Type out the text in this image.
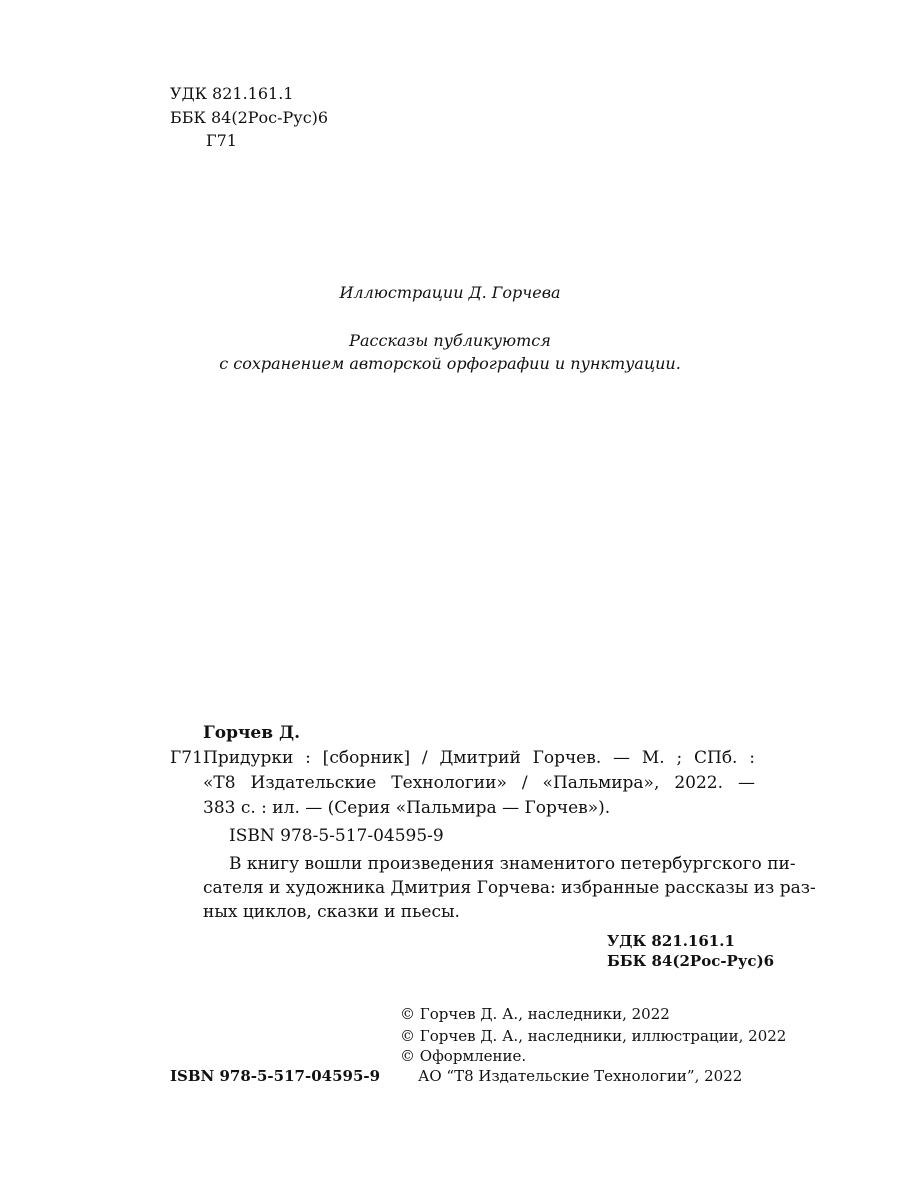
УДК 821.161.1
ББК 84(2Рос-Рус)6
Г71
Иллюстрации Д. Горчева
Рассказы публикуются
с сохранением авторской орфографии и пунктуации.
Горчев Д.
Г71 Придурки : [сборник] / Дмитрий Горчев. — М. ; СПб. :
«Т8 Издательские Технологии» / «Пальмира», 2022. —
383 с. : ил. — (Серия «Пальмира — Горчев»).
ISBN 978-5-517-04595-9
В книгу вошли произведения знаменитого петербургского пи-
сателя и художника Дмитрия Горчева: избранные рассказы из раз-
ных циклов, сказки и пьесы.
УДК 821.161.1
ББК 84(2Рос-Рус)6
© Горчев Д. А., наследники, 2022
© Горчев Д. А., наследники, иллюстрации, 2022
© Оформление.
АО “Т8 Издательские Технологии”, 2022
ISBN 978-5-517-04595-9
